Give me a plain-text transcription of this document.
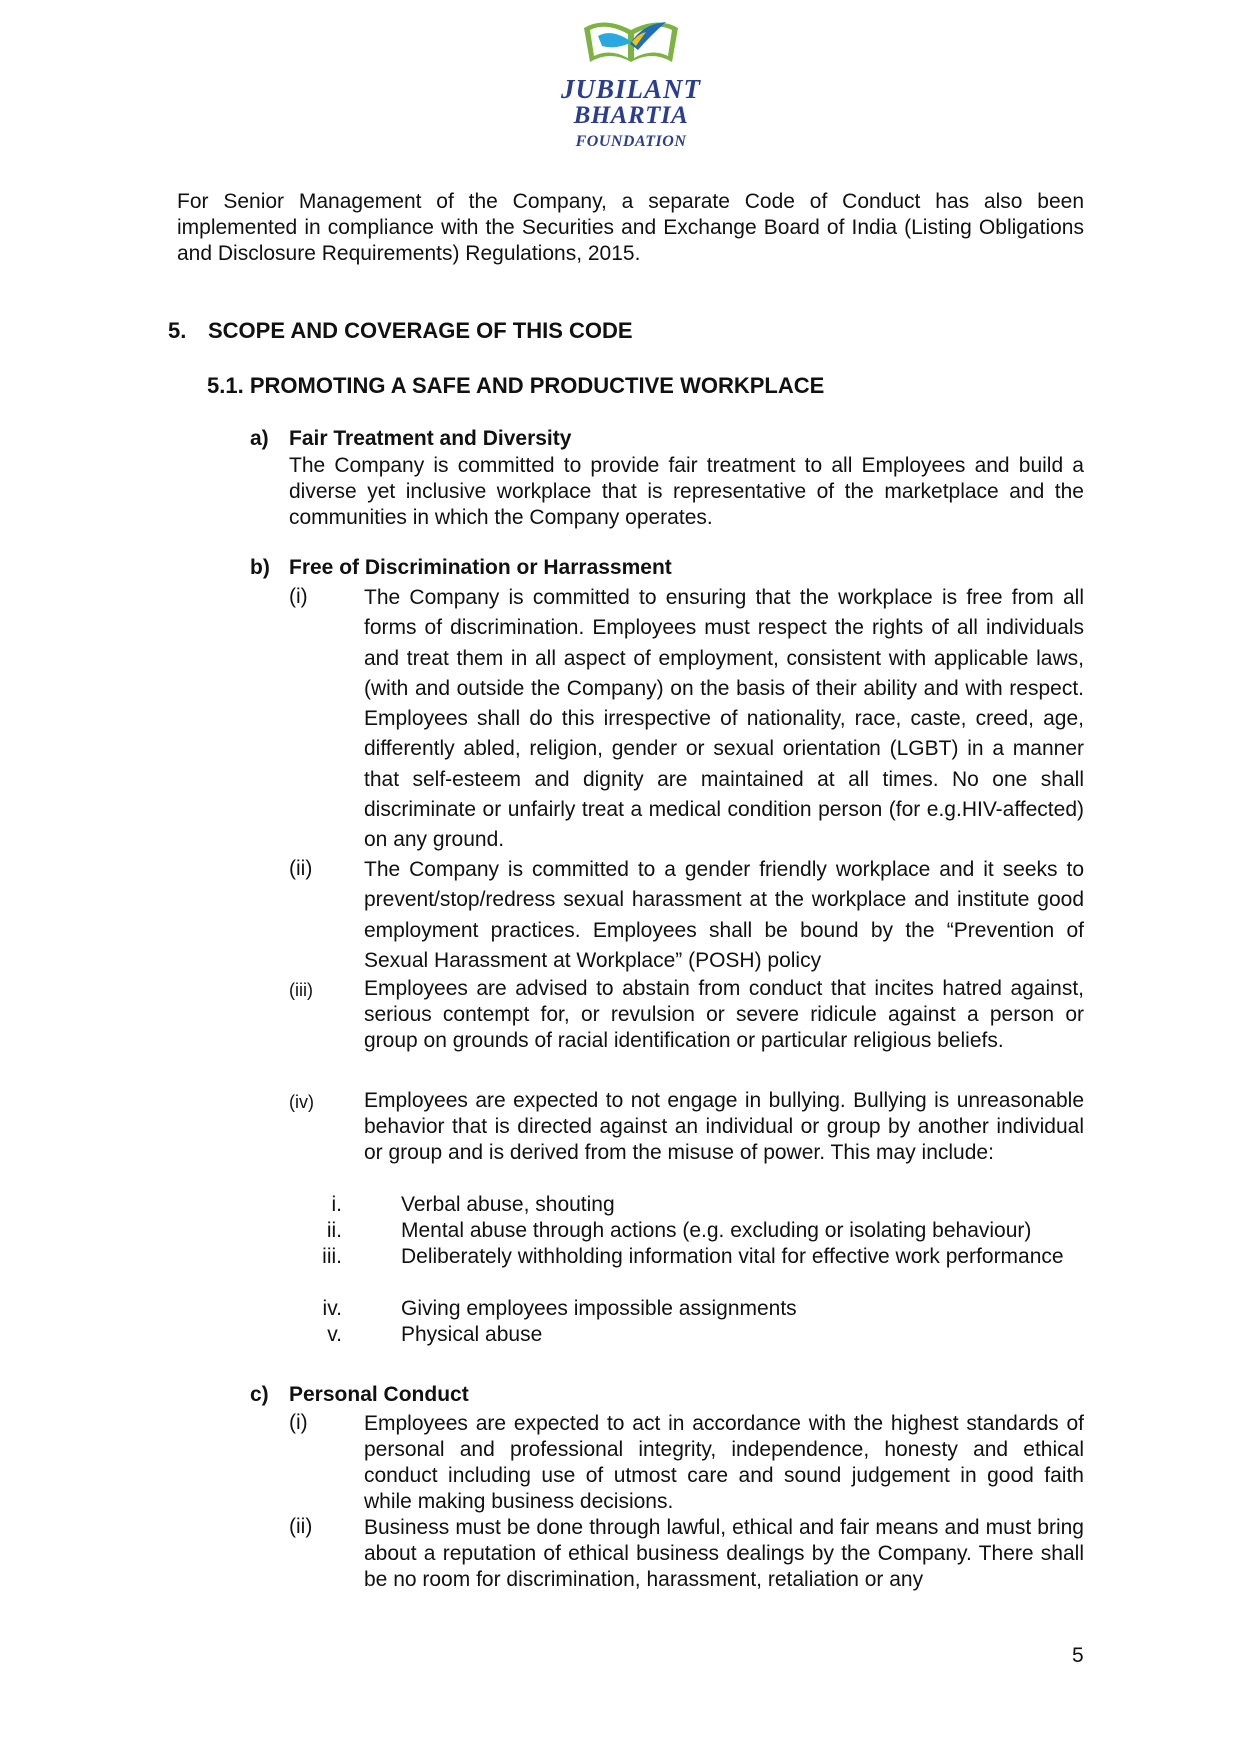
JUBILANT
BHARTIA
FOUNDATION
For Senior Management of the Company, a separate Code of Conduct has also been implemented in compliance with the Securities and Exchange Board of India (Listing Obligations and Disclosure Requirements) Regulations, 2015.
5. SCOPE AND COVERAGE OF THIS CODE
5.1. PROMOTING A SAFE AND PRODUCTIVE WORKPLACE
a) Fair Treatment and Diversity
The Company is committed to provide fair treatment to all Employees and build a diverse yet inclusive workplace that is representative of the marketplace and the communities in which the Company operates.
b) Free of Discrimination or Harrassment
(i)	The Company is committed to ensuring that the workplace is free from all forms of discrimination. Employees must respect the rights of all individuals and treat them in all aspect of employment, consistent with applicable laws, (with and outside the Company) on the basis of their ability and with respect. Employees shall do this irrespective of nationality, race, caste, creed, age, differently abled, religion, gender or sexual orientation (LGBT) in a manner that self-esteem and dignity are maintained at all times. No one shall discriminate or unfairly treat a medical condition person (for e.g.HIV-affected) on any ground.
(ii) The Company is committed to a gender friendly workplace and it seeks to prevent/stop/redress sexual harassment at the workplace and institute good employment practices. Employees shall be bound by the “Prevention of Sexual Harassment at Workplace” (POSH) policy
(iii) Employees are advised to abstain from conduct that incites hatred against, serious contempt for, or revulsion or severe ridicule against a person or group on grounds of racial identification or particular religious beliefs.
(iv) Employees are expected to not engage in bullying. Bullying is unreasonable behavior that is directed against an individual or group by another individual or group and is derived from the misuse of power. This may include:
i.	Verbal abuse, shouting
ii.	Mental abuse through actions (e.g. excluding or isolating behaviour)
iii.	Deliberately withholding information vital for effective work performance
iv.	Giving employees impossible assignments
v.	Physical abuse
c) Personal Conduct
(i)	Employees are expected to act in accordance with the highest standards of personal and professional integrity, independence, honesty and ethical conduct including use of utmost care and sound judgement in good faith while making business decisions.
(ii) Business must be done through lawful, ethical and fair means and must bring about a reputation of ethical business dealings by the Company. There shall be no room for discrimination, harassment, retaliation or any
5
